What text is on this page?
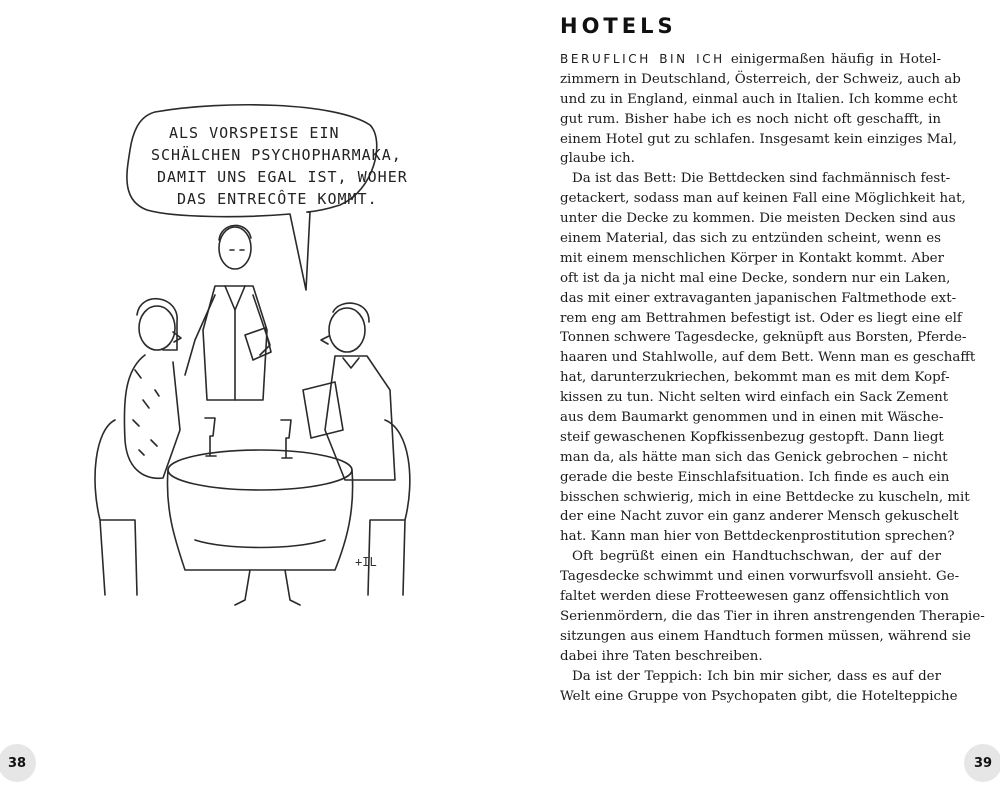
ALS VORSPEISE EIN
SCHÄLCHEN PSYCHOPHARMAKA,
DAMIT UNS EGAL IST, WOHER
DAS ENTRECÔTE KOMMT.
+IL
38
HOTELS
BERUFLICH BIN ICH einigermaßen häufig in Hotel-
zimmern in Deutschland, Österreich, der Schweiz, auch ab
und zu in England, einmal auch in Italien. Ich komme echt
gut rum. Bisher habe ich es noch nicht oft geschafft, in
einem Hotel gut zu schlafen. Insgesamt kein einziges Mal,
glaube ich.
Da ist das Bett: Die Bettdecken sind fachmännisch fest-
getackert, sodass man auf keinen Fall eine Möglichkeit hat,
unter die Decke zu kommen. Die meisten Decken sind aus
einem Material, das sich zu entzünden scheint, wenn es
mit einem menschlichen Körper in Kontakt kommt. Aber
oft ist da ja nicht mal eine Decke, sondern nur ein Laken,
das mit einer extravaganten japanischen Faltmethode ext-
rem eng am Bettrahmen befestigt ist. Oder es liegt eine elf
Tonnen schwere Tagesdecke, geknüpft aus Borsten, Pferde-
haaren und Stahlwolle, auf dem Bett. Wenn man es geschafft
hat, darunterzukriechen, bekommt man es mit dem Kopf-
kissen zu tun. Nicht selten wird einfach ein Sack Zement
aus dem Baumarkt genommen und in einen mit Wäsche-
steif gewaschenen Kopfkissenbezug gestopft. Dann liegt
man da, als hätte man sich das Genick gebrochen – nicht
gerade die beste Einschlafsituation. Ich finde es auch ein
bisschen schwierig, mich in eine Bettdecke zu kuscheln, mit
der eine Nacht zuvor ein ganz anderer Mensch gekuschelt
hat. Kann man hier von Bettdeckenprostitution sprechen?
Oft begrüßt einen ein Handtuchschwan, der auf der
Tagesdecke schwimmt und einen vorwurfsvoll ansieht. Ge-
faltet werden diese Frotteewesen ganz offensichtlich von
Serienmördern, die das Tier in ihren anstrengenden Therapie-
sitzungen aus einem Handtuch formen müssen, während sie
dabei ihre Taten beschreiben.
Da ist der Teppich: Ich bin mir sicher, dass es auf der
Welt eine Gruppe von Psychopaten gibt, die Hotelteppiche
39
